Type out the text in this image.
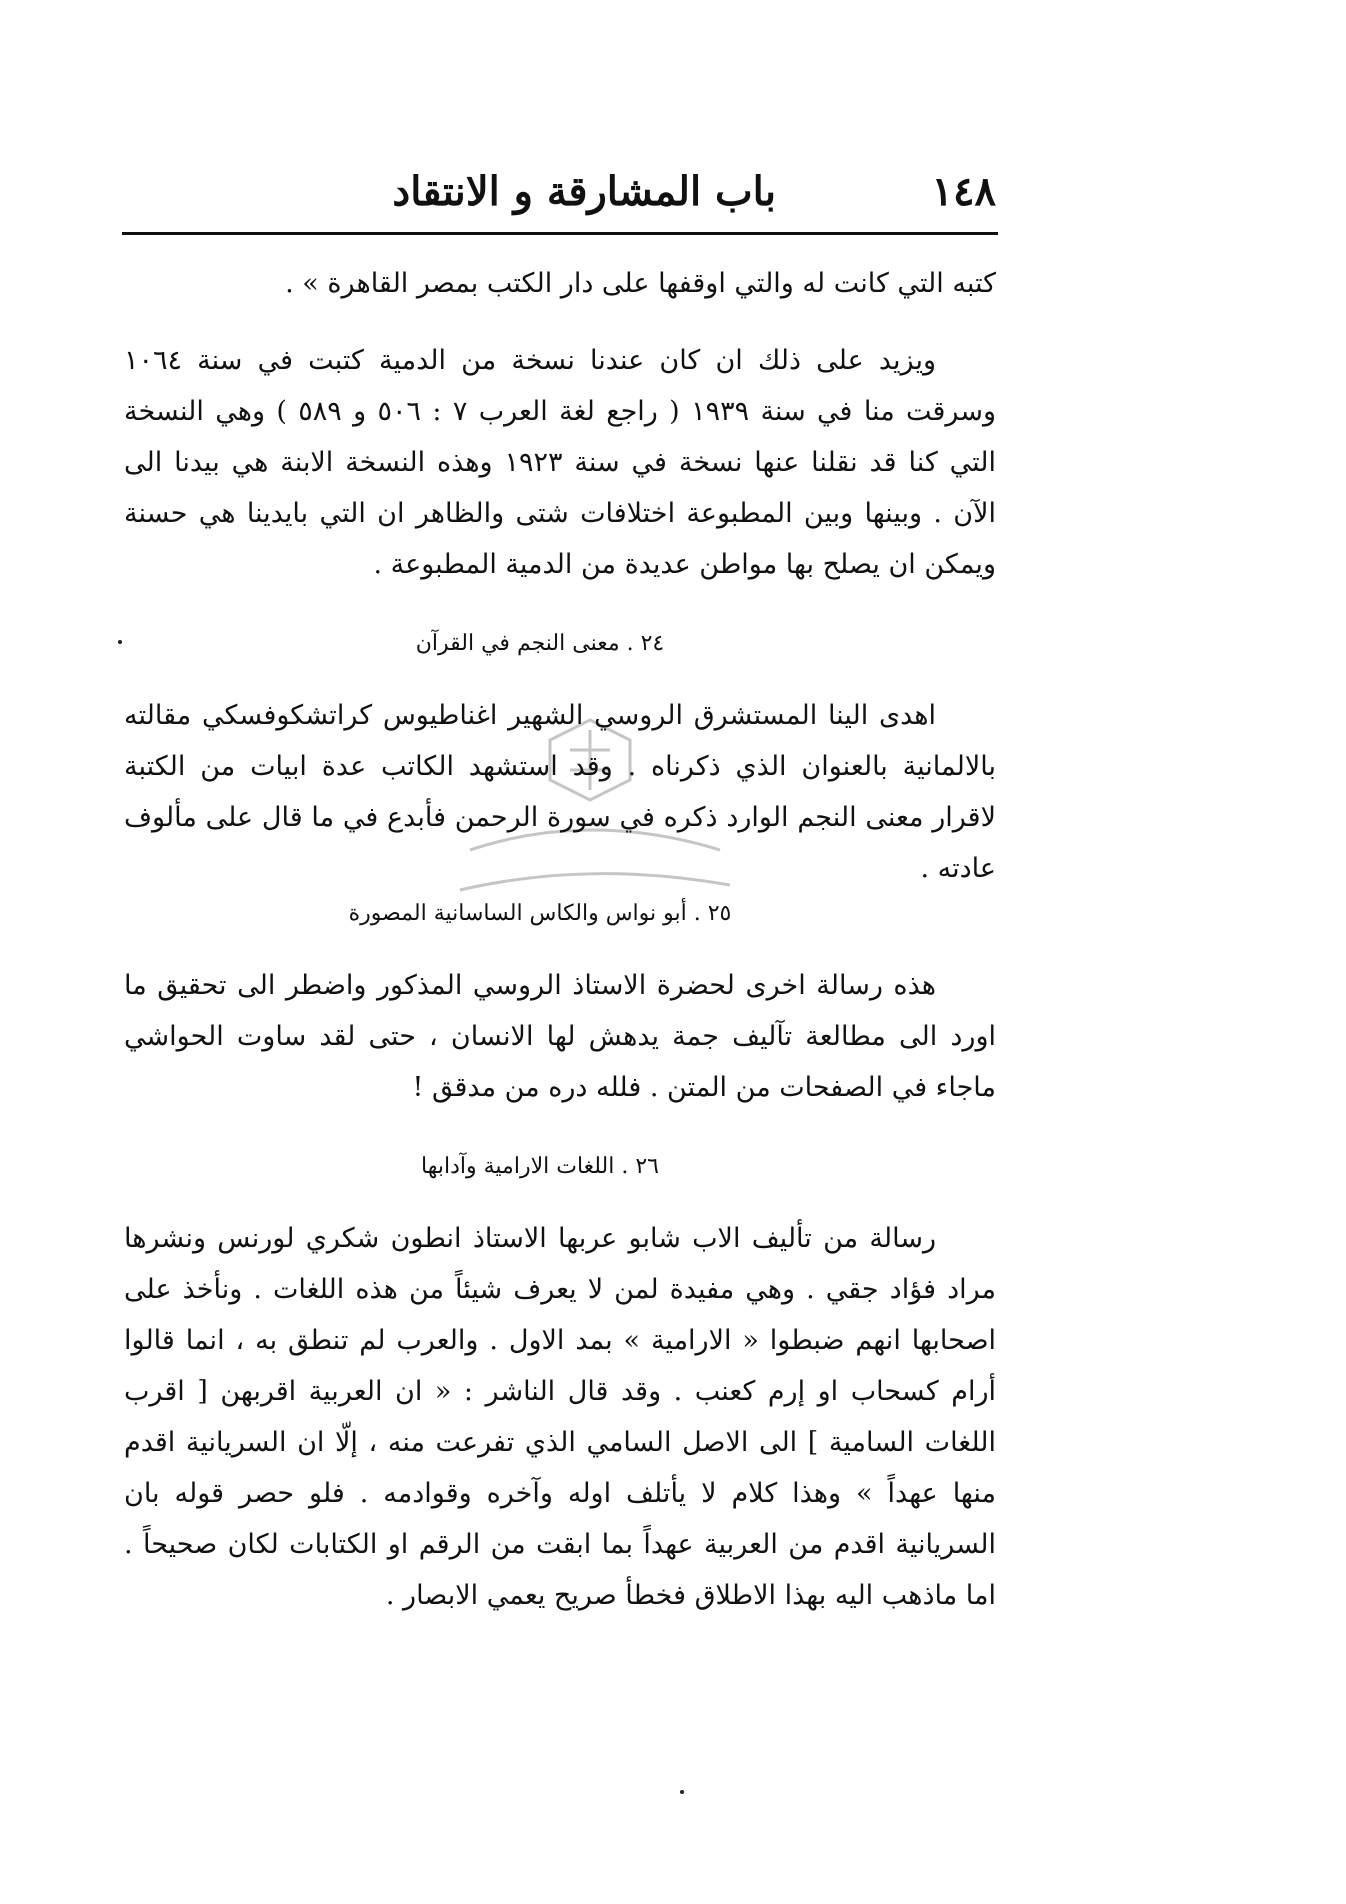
١٤٨
باب المشارقة و الانتقاد

كتبه التي كانت له والتي اوقفها على دار الكتب بمصر القاهرة » .

ويزيد على ذلك ان كان عندنا نسخة من الدمية كتبت في سنة ١٠٦٤ وسرقت منا في سنة ١٩٣٩ ( راجع لغة العرب ٧ : ٥٠٦ و ٥٨٩ ) وهي النسخة التي كنا قد نقلنا عنها نسخة في سنة ١٩٢٣ وهذه النسخة الابنة هي بيدنا الى الآن . وبينها وبين المطبوعة اختلافات شتى والظاهر ان التي بايدينا هي حسنة ويمكن ان يصلح بها مواطن عديدة من الدمية المطبوعة .

٢٤ . معنى النجم في القرآن

اهدى الينا المستشرق الروسي الشهير اغناطيوس كراتشكوفسكي مقالته بالالمانية بالعنوان الذي ذكرناه . وقد استشهد الكاتب عدة ابيات من الكتبة لاقرار معنى النجم الوارد ذكره في سورة الرحمن فأبدع في ما قال على مألوف عادته .

٢٥ . أبو نواس والكاس الساسانية المصورة

هذه رسالة اخرى لحضرة الاستاذ الروسي المذكور واضطر الى تحقيق ما اورد الى مطالعة تآليف جمة يدهش لها الانسان ، حتى لقد ساوت الحواشي ماجاء في الصفحات من المتن . فلله دره من مدقق !

٢٦ . اللغات الارامية وآدابها

رسالة من تأليف الاب شابو عربها الاستاذ انطون شكري لورنس ونشرها مراد فؤاد جقي . وهي مفيدة لمن لا يعرف شيئاً من هذه اللغات . ونأخذ على اصحابها انهم ضبطوا « الارامية » بمد الاول . والعرب لم تنطق به ، انما قالوا أرام كسحاب او إرم كعنب . وقد قال الناشر : « ان العربية اقربهن [ اقرب اللغات السامية ] الى الاصل السامي الذي تفرعت منه ، إلّا ان السريانية اقدم منها عهداً » وهذا كلام لا يأتلف اوله وآخره وقوادمه . فلو حصر قوله بان السريانية اقدم من العربية عهداً بما ابقت من الرقم او الكتابات لكان صحيحاً . اما ماذهب اليه بهذا الاطلاق فخطأ صريح يعمي الابصار .
